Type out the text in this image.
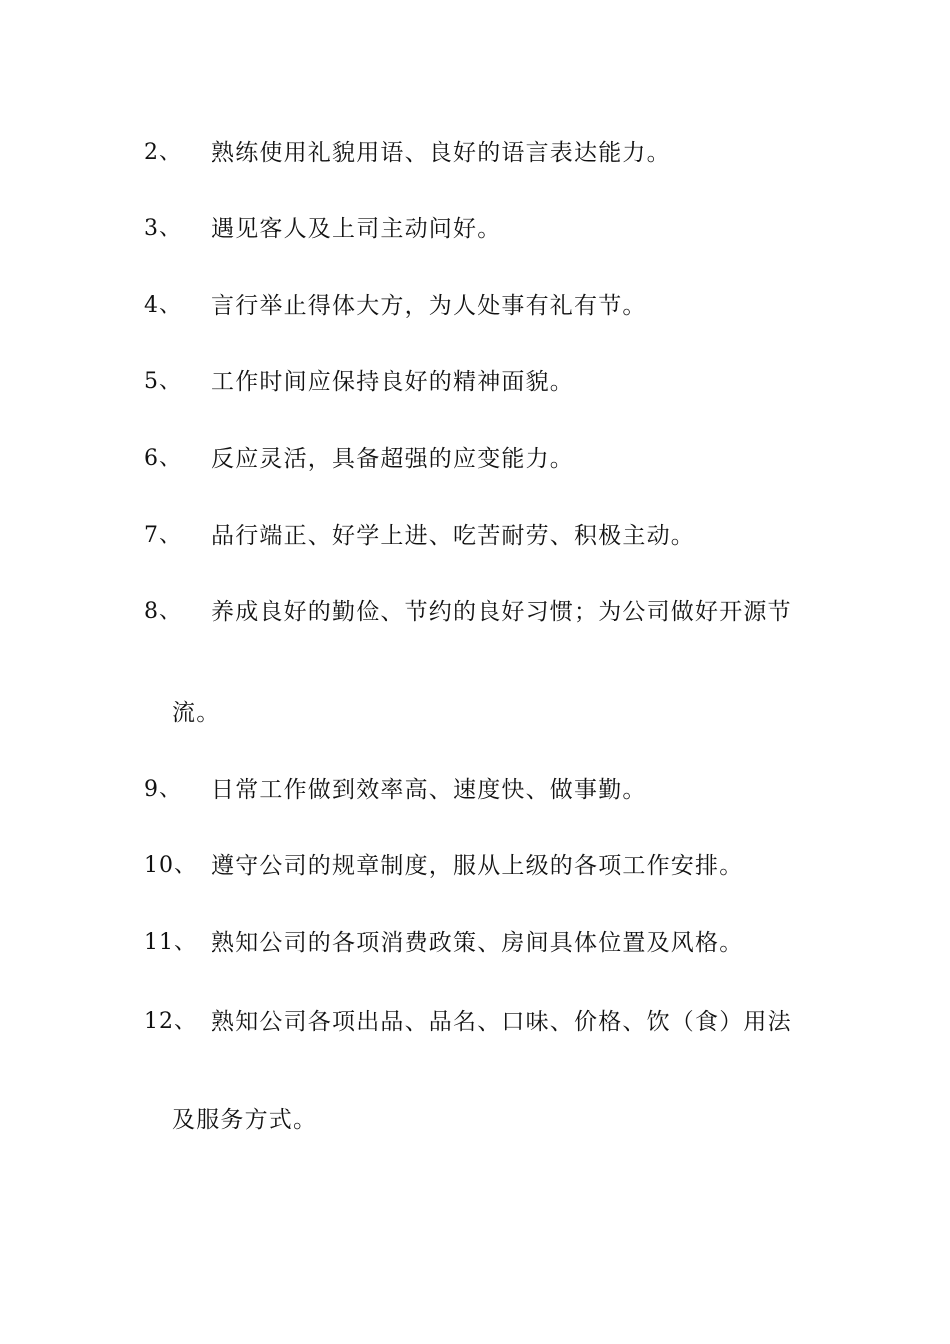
2、 熟练使用礼貌用语、良好的语言表达能力。
3、 遇见客人及上司主动问好。
4、 言行举止得体大方，为人处事有礼有节。
5、 工作时间应保持良好的精神面貌。
6、 反应灵活，具备超强的应变能力。
7、 品行端正、好学上进、吃苦耐劳、积极主动。
8、 养成良好的勤俭、节约的良好习惯；为公司做好开源节
流。
9、 日常工作做到效率高、速度快、做事勤。
10、 遵守公司的规章制度，服从上级的各项工作安排。
11、 熟知公司的各项消费政策、房间具体位置及风格。
12、 熟知公司各项出品、品名、口味、价格、饮（食）用法
及服务方式。
